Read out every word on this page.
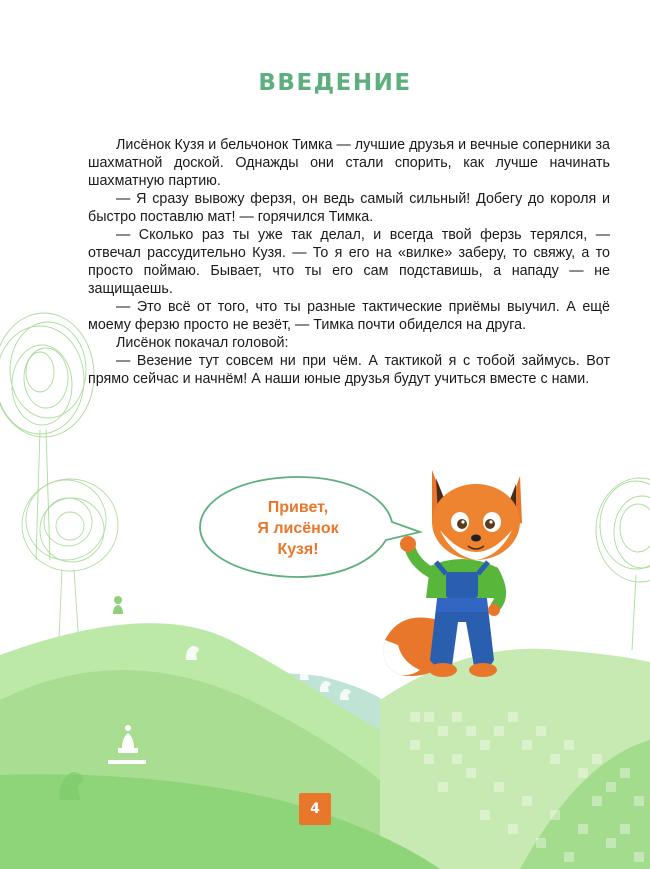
ВВЕДЕНИЕ

Лисёнок Кузя и бельчонок Тимка — лучшие друзья и вечные соперники за шахматной доской. Однажды они стали спорить, как лучше начинать шахматную партию.

— Я сразу вывожу ферзя, он ведь самый сильный! Добегу до короля и быстро поставлю мат! — горячился Тимка.

— Сколько раз ты уже так делал, и всегда твой ферзь терялся, — отвечал рассудительно Кузя. — То я его на «вилке» заберу, то свяжу, а то просто поймаю. Бывает, что ты его сам подставишь, а нападу — не защищаешь.

— Это всё от того, что ты разные тактические приёмы выучил. А ещё моему ферзю просто не везёт, — Тимка почти обиделся на друга.

Лисёнок покачал головой:

— Везение тут совсем ни при чём. А тактикой я с тобой займусь. Вот прямо сейчас и начнём! А наши юные друзья будут учиться вместе с нами.

Привет,
Я лисёнок
Кузя!
4
